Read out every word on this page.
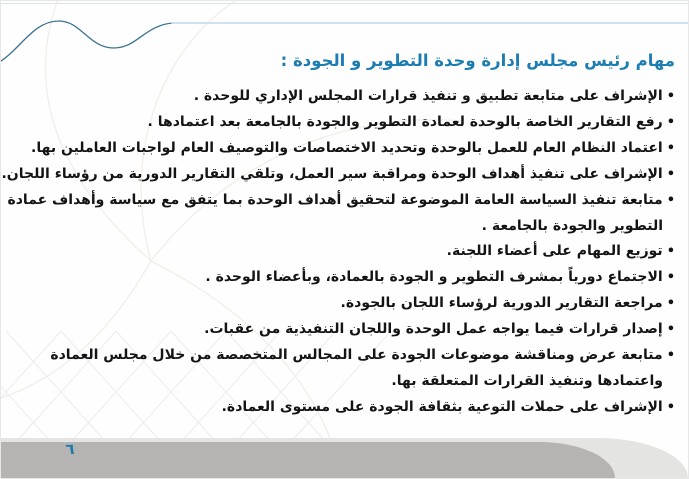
مهام رئيس مجلس إدارة وحدة التطوير و الجودة :
•الإشراف على متابعة تطبيق و تنفيذ قرارات المجلس الإداري للوحدة .
•رفع التقارير الخاصة بالوحدة لعمادة التطوير والجودة بالجامعة بعد اعتمادها .
•اعتماد النظام العام للعمل بالوحدة وتحديد الاختصاصات والتوصيف العام لواجبات العاملين بها.
•الإشراف على تنفيذ أهداف الوحدة ومراقبة سير العمل، وتلقي التقارير الدورية من رؤساء اللجان.
•متابعة تنفيذ السياسة العامة الموضوعة لتحقيق أهداف الوحدة بما يتفق مع سياسة وأهداف عمادة
التطوير والجودة بالجامعة .
•توزيع المهام على أعضاء اللجنة.
•الاجتماع دورياً بمشرف التطوير و الجودة بالعمادة، وبأعضاء الوحدة .
•مراجعة التقارير الدورية لرؤساء اللجان بالجودة.
•إصدار قرارات فيما يواجه عمل الوحدة واللجان التنفيذية من عقبات.
•متابعة عرض ومناقشة موضوعات الجودة على المجالس المتخصصة من خلال مجلس العمادة
واعتمادها وتنفيذ القرارات المتعلقة بها.
•الإشراف على حملات التوعية بثقافة الجودة على مستوى العمادة.
٦
